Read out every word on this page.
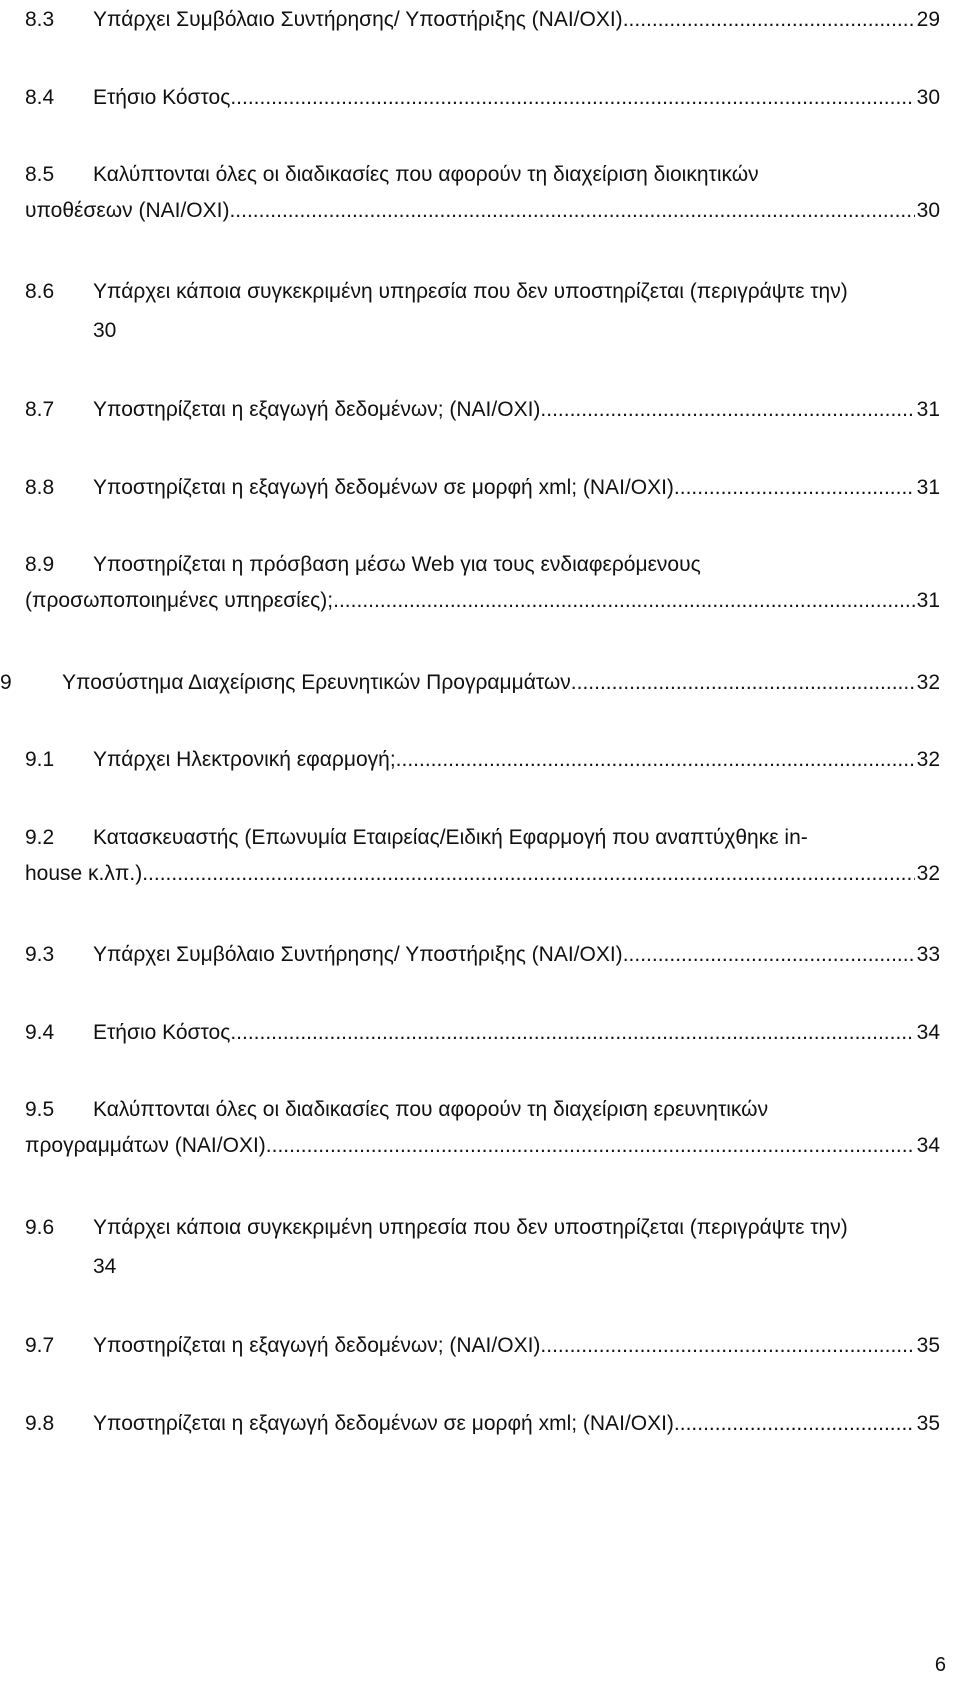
8.3	Υπάρχει Συμβόλαιο Συντήρησης/ Υποστήριξης (ΝΑΙ/ΟΧΙ) .....	29
8.4	Ετήσιο Κόστος .....	30
8.5 Καλύπτονται όλες οι διαδικασίες που αφορούν τη διαχείριση διοικητικών
υποθέσεων (ΝΑΙ/ΟΧΙ) .....	30
8.6 Υπάρχει κάποια συγκεκριμένη υπηρεσία που δεν υποστηρίζεται (περιγράψτε την)
30
8.7	Υποστηρίζεται η εξαγωγή δεδομένων; (ΝΑΙ/ΟΧΙ) .....	31
8.8	Υποστηρίζεται η εξαγωγή δεδομένων σε μορφή xml; (ΝΑΙ/ΟΧΙ) .....	31
8.9 Υποστηρίζεται η πρόσβαση μέσω Web για τους ενδιαφερόμενους
(προσωποποιημένες υπηρεσίες); .....	31
9 Υποσύστημα Διαχείρισης Ερευνητικών Προγραμμάτων .....	32
9.1	Υπάρχει Ηλεκτρονική εφαρμογή; .....	32
9.2 Κατασκευαστής (Επωνυμία Εταιρείας/Ειδική Εφαρμογή που αναπτύχθηκε in-
house κ.λπ.) .....	32
9.3	Υπάρχει Συμβόλαιο Συντήρησης/ Υποστήριξης (ΝΑΙ/ΟΧΙ) .....	33
9.4	Ετήσιο Κόστος .....	34
9.5 Καλύπτονται όλες οι διαδικασίες που αφορούν τη διαχείριση ερευνητικών
προγραμμάτων (ΝΑΙ/ΟΧΙ) .....	34
9.6 Υπάρχει κάποια συγκεκριμένη υπηρεσία που δεν υποστηρίζεται (περιγράψτε την)
34
9.7	Υποστηρίζεται η εξαγωγή δεδομένων; (ΝΑΙ/ΟΧΙ) .....	35
9.8	Υποστηρίζεται η εξαγωγή δεδομένων σε μορφή xml; (ΝΑΙ/ΟΧΙ) .....	35
6
